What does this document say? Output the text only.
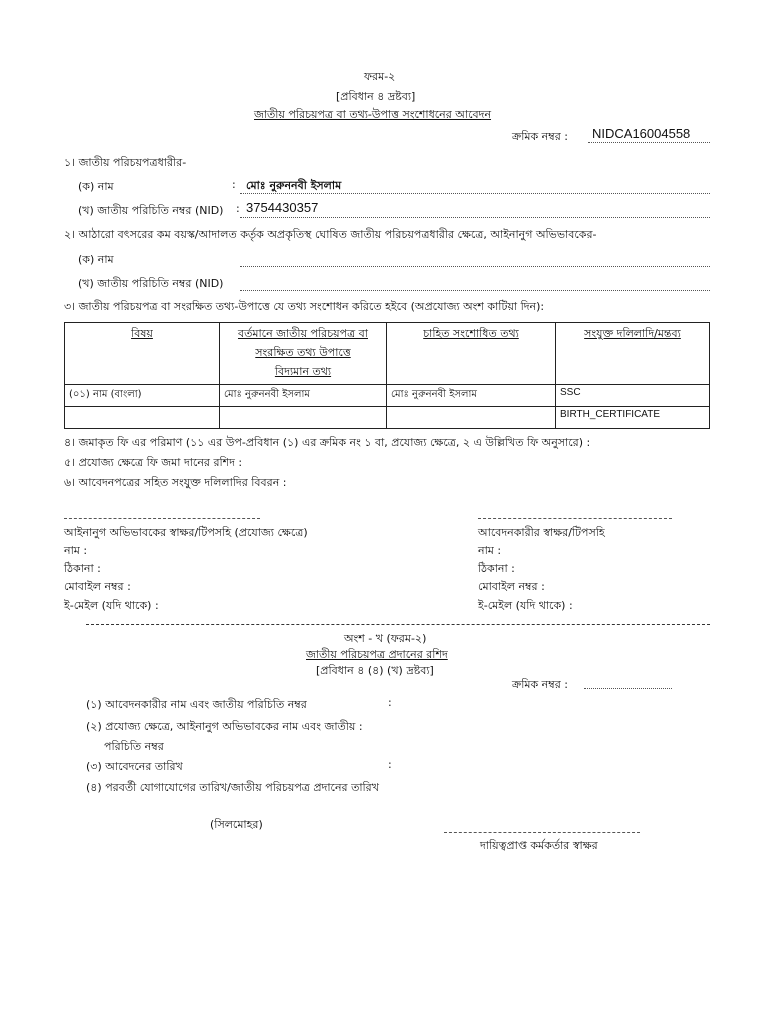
ফরম-২
[প্রবিধান ৪ দ্রষ্টব্য]
জাতীয় পরিচয়পত্র বা তথ্য-উপাত্ত সংশোধনের আবেদন
ক্রমিক নম্বর : NIDCA16004558
১। জাতীয় পরিচয়পত্রধারীর-
(ক) নাম	: মোঃ নুরুননবী ইসলাম
(খ) জাতীয় পরিচিতি নম্বর (NID) : 3754430357
২। আঠারো বৎসরের কম বয়স্ক/আদালত কর্তৃক অপ্রকৃতিস্থ ঘোষিত জাতীয় পরিচয়পত্রধারীর ক্ষেত্রে, আইনানুগ অভিভাবকের-
(ক) নাম
(খ) জাতীয় পরিচিতি নম্বর (NID)
৩। জাতীয় পরিচয়পত্র বা সংরক্ষিত তথ্য-উপাত্তে যে তথ্য সংশোধন করিতে হইবে (অপ্রযোজ্য অংশ কাটিয়া দিন):
বিষয়	বর্তমানে জাতীয় পরিচয়পত্র বা
সংরক্ষিত তথ্য উপাত্তে
বিদ্যমান তথ্য	চাহিত সংশোধিত তথ্য	সংযুক্ত দলিলাদি/মন্তব্য
(০১) নাম (বাংলা)	মোঃ নুরুননবী ইসলাম	মোঃ নুরুননবী ইসলাম	SSC
			BIRTH_CERTIFICATE
৪। জমাকৃত ফি এর পরিমাণ (১১ এর উপ-প্রবিধান (১) এর ক্রমিক নং ১ বা, প্রযোজ্য ক্ষেত্রে, ২ এ উল্লিখিত ফি অনুসারে) :
৫। প্রযোজ্য ক্ষেত্রে ফি জমা দানের রশিদ :
৬। আবেদনপত্রের সহিত সংযুক্ত দলিলাদির বিবরন :
আইনানুগ অভিভাবকের স্বাক্ষর/টিপসহি (প্রযোজ্য ক্ষেত্রে)	আবেদনকারীর স্বাক্ষর/টিপসহি
নাম :	নাম :
ঠিকানা :	ঠিকানা :
মোবাইল নম্বর :	মোবাইল নম্বর :
ই-মেইল (যদি থাকে) :	ই-মেইল (যদি থাকে) :
অংশ - খ (ফরম-২)
জাতীয় পরিচয়পত্র প্রদানের রশিদ
[প্রবিধান ৪ (৪) (খ) দ্রষ্টব্য]
ক্রমিক নম্বর :
(১) আবেদনকারীর নাম এবং জাতীয় পরিচিতি নম্বর	:
(২) প্রযোজ্য ক্ষেত্রে, আইনানুগ অভিভাবকের নাম এবং জাতীয় :
পরিচিতি নম্বর
(৩) আবেদনের তারিখ	:
(৪) পরবর্তী যোগাযোগের তারিখ/জাতীয় পরিচয়পত্র প্রদানের তারিখ
(সিলমোহর)
দায়িত্বপ্রাপ্ত কর্মকর্তার স্বাক্ষর
